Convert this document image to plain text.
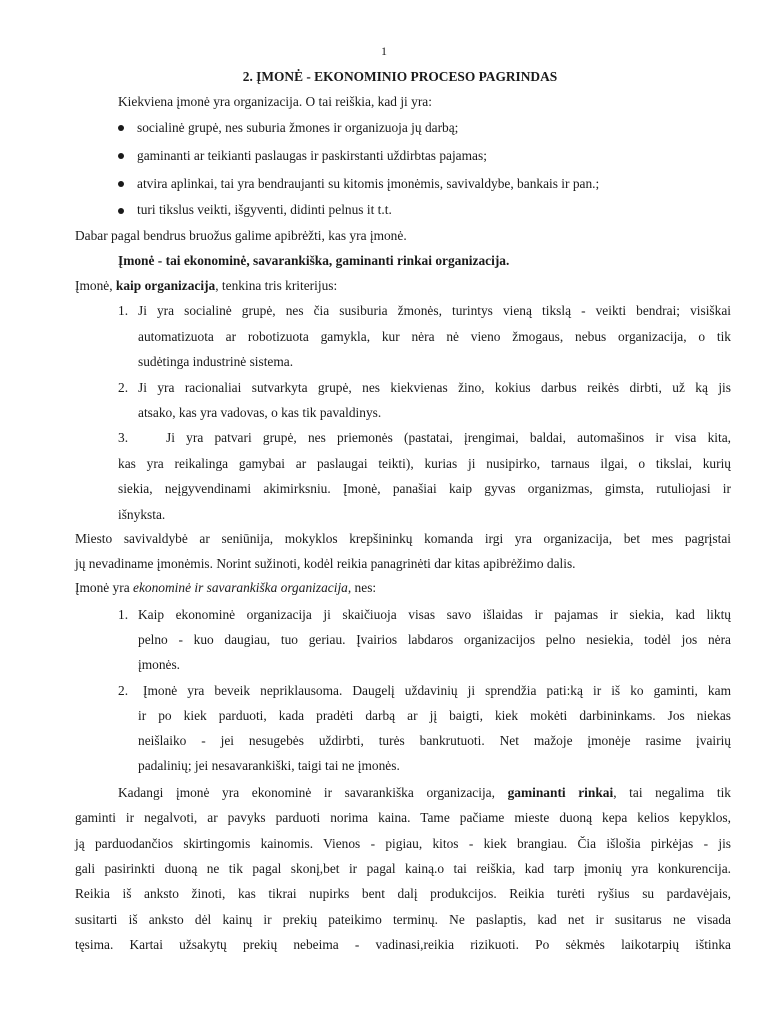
1
2. ĮMONĖ - EKONOMINIO PROCESO PAGRINDAS
Kiekviena įmonė yra organizacija. O tai reiškia, kad ji yra:
socialinė grupė, nes suburia žmones ir organizuoja jų darbą;
gaminanti ar teikianti paslaugas ir paskirstanti uždirbtas pajamas;
atvira aplinkai, tai yra bendraujanti su kitomis įmonėmis, savivaldybe, bankais ir pan.;
turi tikslus veikti, išgyventi, didinti pelnus it t.t.
Dabar pagal bendrus bruožus galime apibrėžti, kas yra įmonė.
Įmonė - tai ekonominė, savarankiška, gaminanti rinkai organizacija.
Įmonė, kaip organizacija, tenkina tris kriterijus:
1. Ji yra socialinė grupė, nes čia susiburia žmonės, turintys vieną tikslą - veikti bendrai; visiškai
automatizuota ar robotizuota gamykla, kur nėra nė vieno žmogaus, nebus organizacija, o tik
sudėtinga industrinė sistema.
2. Ji yra racionaliai sutvarkyta grupė, nes kiekvienas žino, kokius darbus reikės dirbti, už ką jis
atsako, kas yra vadovas, o kas tik pavaldinys.
3.	Ji yra patvari grupė, nes priemonės (pastatai, įrengimai, baldai, automašinos ir visa kita,
kas yra reikalinga gamybai ar paslaugai teikti), kurias ji nusipirko, tarnaus ilgai, o tikslai, kurių
siekia, neįgyvendinami akimirksniu. Įmonė, panašiai kaip gyvas organizmas, gimsta, rutuliojasi ir
išnyksta.
Miesto savivaldybė ar seniūnija, mokyklos krepšininkų komanda irgi yra organizacija, bet mes pagrįstai
jų nevadiname įmonėmis. Norint sužinoti, kodėl reikia panagrinėti dar kitas apibrėžimo dalis.
Įmonė yra ekonominė ir savarankiška organizacija, nes:
1. Kaip ekonominė organizacija ji skaičiuoja visas savo išlaidas ir pajamas ir siekia, kad liktų
pelno - kuo daugiau, tuo geriau. Įvairios labdaros organizacijos pelno nesiekia, todėl jos nėra
įmonės.
2. Įmonė yra beveik nepriklausoma. Daugelį uždavinių ji sprendžia pati:ką ir iš ko gaminti, kam
ir po kiek parduoti, kada pradėti darbą ar jį baigti, kiek mokėti darbininkams. Jos niekas
neišlaiko - jei nesugebės uždirbti, turės bankrutuoti. Net mažoje įmonėje rasime įvairių
padalinių; jei nesavarankiški, taigi tai ne įmonės.
Kadangi įmonė yra ekonominė ir savarankiška organizacija, gaminanti rinkai, tai negalima tik
gaminti ir negalvoti, ar pavyks parduoti norima kaina. Tame pačiame mieste duoną kepa kelios kepyklos,
ją parduodančios skirtingomis kainomis. Vienos - pigiau, kitos - kiek brangiau. Čia išlošia pirkėjas - jis
gali pasirinkti duoną ne tik pagal skonį,bet ir pagal kainą.o tai reiškia, kad tarp įmonių yra konkurencija.
Reikia iš anksto žinoti, kas tikrai nupirks bent dalį produkcijos. Reikia turėti ryšius su pardavėjais,
susitarti iš anksto dėl kainų ir prekių pateikimo terminų. Ne paslaptis, kad net ir susitarus ne visada
tęsima. Kartai užsakytų prekių nebeima - vadinasi,reikia rizikuoti. Po sėkmės laikotarpių ištinka
